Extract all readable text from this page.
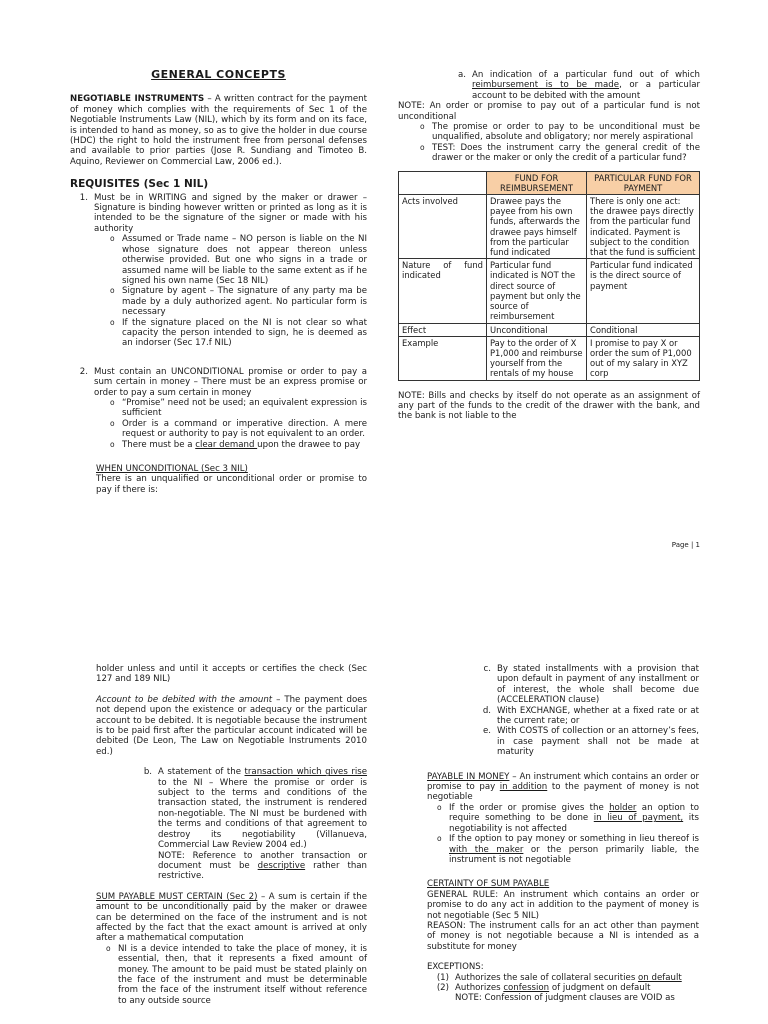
GENERAL CONCEPTS

NEGOTIABLE INSTRUMENTS – A written contract for the payment of money which complies with the requirements of Sec 1 of the Negotiable Instruments Law (NIL), which by its form and on its face, is intended to hand as money, so as to give the holder in due course (HDC) the right to hold the instrument free from personal defenses and available to prior parties (Jose R. Sundiang and Timoteo B. Aquino, Reviewer on Commercial Law, 2006 ed.).

REQUISITES (Sec 1 NIL)

1. Must be in WRITING and signed by the maker or drawer – Signature is binding however written or printed as long as it is intended to be the signature of the signer or made with his authority

o Assumed or Trade name – NO person is liable on the NI whose signature does not appear thereon unless otherwise provided. But one who signs in a trade or assumed name will be liable to the same extent as if he signed his own name (Sec 18 NIL)
o Signature by agent – The signature of any party ma be made by a duly authorized agent. No particular form is necessary
o If the signature placed on the NI is not clear so what capacity the person intended to sign, he is deemed as an indorser (Sec 17.f NIL)
2. Must contain an UNCONDITIONAL promise or order to pay a sum certain in money – There must be an express promise or order to pay a sum certain in money

o “Promise” need not be used; an equivalent expression is sufficient
o Order is a command or imperative direction. A mere request or authority to pay is not equivalent to an order.
o There must be a clear demand upon the drawee to pay

WHEN UNCONDITIONAL (Sec 3 NIL)

There is an unqualified or unconditional order or promise to pay if there is:

a. An indication of a particular fund out of which reimbursement is to be made, or a particular account to be debited with the amount

NOTE: An order or promise to pay out of a particular fund is not unconditional

o The promise or order to pay to be unconditional must be unqualified, absolute and obligatory; nor merely aspirational
o TEST: Does the instrument carry the general credit of the drawer or the maker or only the credit of a particular fund?
	FUND FOR REIMBURSEMENT	PARTICULAR FUND FOR PAYMENT
Acts involved	Drawee pays the payee from his own funds, afterwards the drawee pays himself from the particular fund indicated	There is only one act: the drawee pays directly from the particular fund indicated. Payment is subject to the condition that the fund is sufficient
Nature of fund indicated	Particular fund indicated is NOT the direct source of payment but only the source of reimbursement	Particular fund indicated is the direct source of payment
Effect	Unconditional	Conditional
Example	Pay to the order of X P1,000 and reimburse yourself from the rentals of my house	I promise to pay X or order the sum of P1,000 out of my salary in XYZ corp

NOTE: Bills and checks by itself do not operate as an assignment of any part of the funds to the credit of the drawer with the bank, and the bank is not liable to the

Page | 1

holder unless and until it accepts or certifies the check (Sec 127 and 189 NIL)

Account to be debited with the amount – The payment does not depend upon the existence or adequacy or the particular account to be debited. It is negotiable because the instrument is to be paid first after the particular account indicated will be debited (De Leon, The Law on Negotiable Instruments 2010 ed.)

b. A statement of the transaction which gives rise to the NI – Where the promise or order is subject to the terms and conditions of the transaction stated, the instrument is rendered non-negotiable. The NI must be burdened with the terms and conditions of that agreement to destroy its negotiability (Villanueva, Commercial Law Review 2004 ed.)

NOTE: Reference to another transaction or document must be descriptive rather than restrictive.

SUM PAYABLE MUST CERTAIN (Sec 2) – A sum is certain if the amount to be unconditionally paid by the maker or drawee can be determined on the face of the instrument and is not affected by the fact that the exact amount is arrived at only after a mathematical computation

o NI is a device intended to take the place of money, it is essential, then, that it represents a fixed amount of money. The amount to be paid must be stated plainly on the face of the instrument and must be determinable from the face of the instrument itself without reference to any outside source
c. By stated installments with a provision that upon default in payment of any installment or of interest, the whole shall become due (ACCELERATION clause)

d. With EXCHANGE, whether at a fixed rate or at the current rate; or

e. With COSTS of collection or an attorney’s fees, in case payment shall not be made at maturity

PAYABLE IN MONEY – An instrument which contains an order or promise to pay in addition to the payment of money is not negotiable

o If the order or promise gives the holder an option to require something to be done in lieu of payment, its negotiability is not affected
o If the option to pay money or something in lieu thereof is with the maker or the person primarily liable, the instrument is not negotiable

CERTAINTY OF SUM PAYABLE

GENERAL RULE: An instrument which contains an order or promise to do any act in addition to the payment of money is not negotiable (Sec 5 NIL)

REASON: The instrument calls for an act other than payment of money is not negotiable because a NI is intended as a substitute for money

EXCEPTIONS:

(1) Authorizes the sale of collateral securities on default

(2) Authorizes confession of judgment on default

NOTE: Confession of judgment clauses are VOID as
